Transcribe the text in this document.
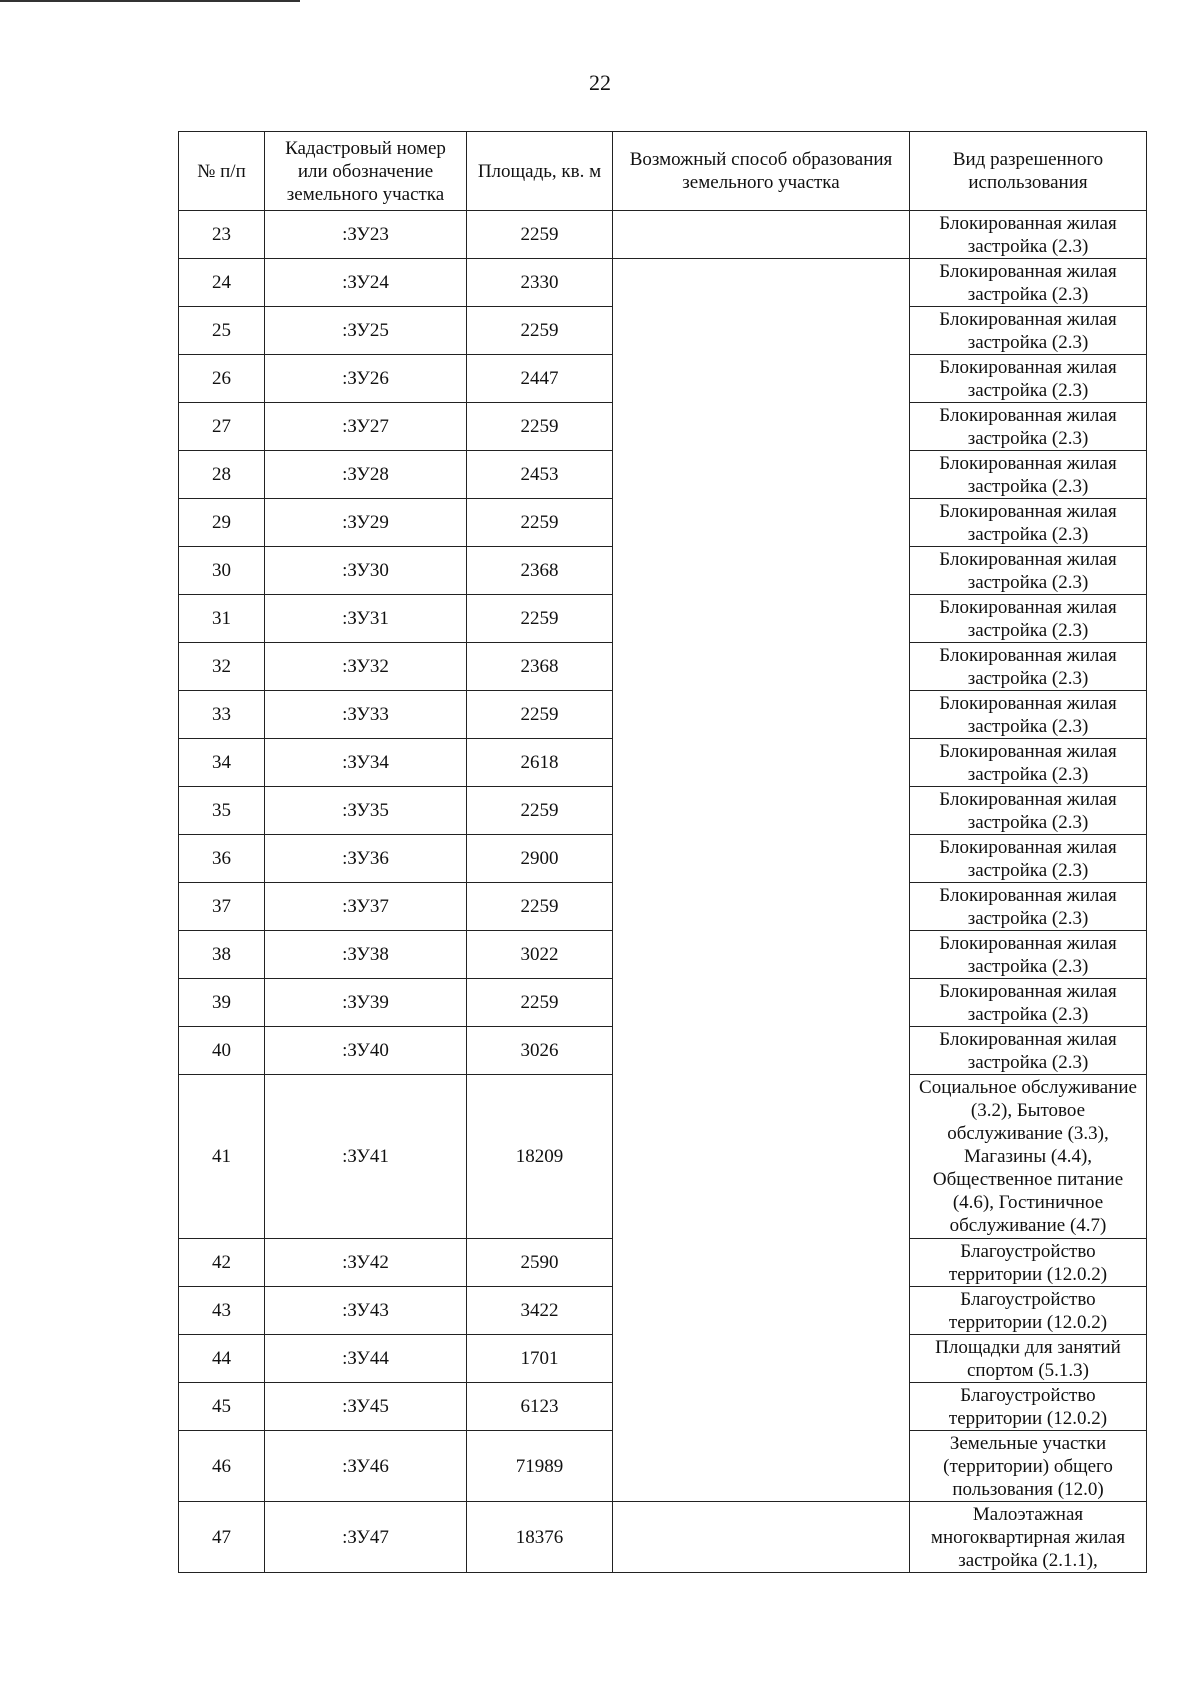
22
№ п/п	Кадастровый номер или обозначение земельного участка	Площадь, кв. м	Возможный способ образования земельного участка	Вид разрешенного использования
23	:ЗУ23	2259		Блокированная жилая застройка (2.3)
24	:ЗУ24	2330		Блокированная жилая застройка (2.3)
25	:ЗУ25	2259		Блокированная жилая застройка (2.3)
26	:ЗУ26	2447		Блокированная жилая застройка (2.3)
27	:ЗУ27	2259		Блокированная жилая застройка (2.3)
28	:ЗУ28	2453		Блокированная жилая застройка (2.3)
29	:ЗУ29	2259		Блокированная жилая застройка (2.3)
30	:ЗУ30	2368		Блокированная жилая застройка (2.3)
31	:ЗУ31	2259		Блокированная жилая застройка (2.3)
32	:ЗУ32	2368		Блокированная жилая застройка (2.3)
33	:ЗУ33	2259		Блокированная жилая застройка (2.3)
34	:ЗУ34	2618		Блокированная жилая застройка (2.3)
35	:ЗУ35	2259		Блокированная жилая застройка (2.3)
36	:ЗУ36	2900		Блокированная жилая застройка (2.3)
37	:ЗУ37	2259		Блокированная жилая застройка (2.3)
38	:ЗУ38	3022		Блокированная жилая застройка (2.3)
39	:ЗУ39	2259		Блокированная жилая застройка (2.3)
40	:ЗУ40	3026		Блокированная жилая застройка (2.3)
41	:ЗУ41	18209		Социальное обслуживание (3.2), Бытовое обслуживание (3.3), Магазины (4.4), Общественное питание (4.6), Гостиничное обслуживание (4.7)
42	:ЗУ42	2590		Благоустройство территории (12.0.2)
43	:ЗУ43	3422		Благоустройство территории (12.0.2)
44	:ЗУ44	1701		Площадки для занятий спортом (5.1.3)
45	:ЗУ45	6123		Благоустройство территории (12.0.2)
46	:ЗУ46	71989		Земельные участки (территории) общего пользования (12.0)
47	:ЗУ47	18376		Малоэтажная многоквартирная жилая застройка (2.1.1),
